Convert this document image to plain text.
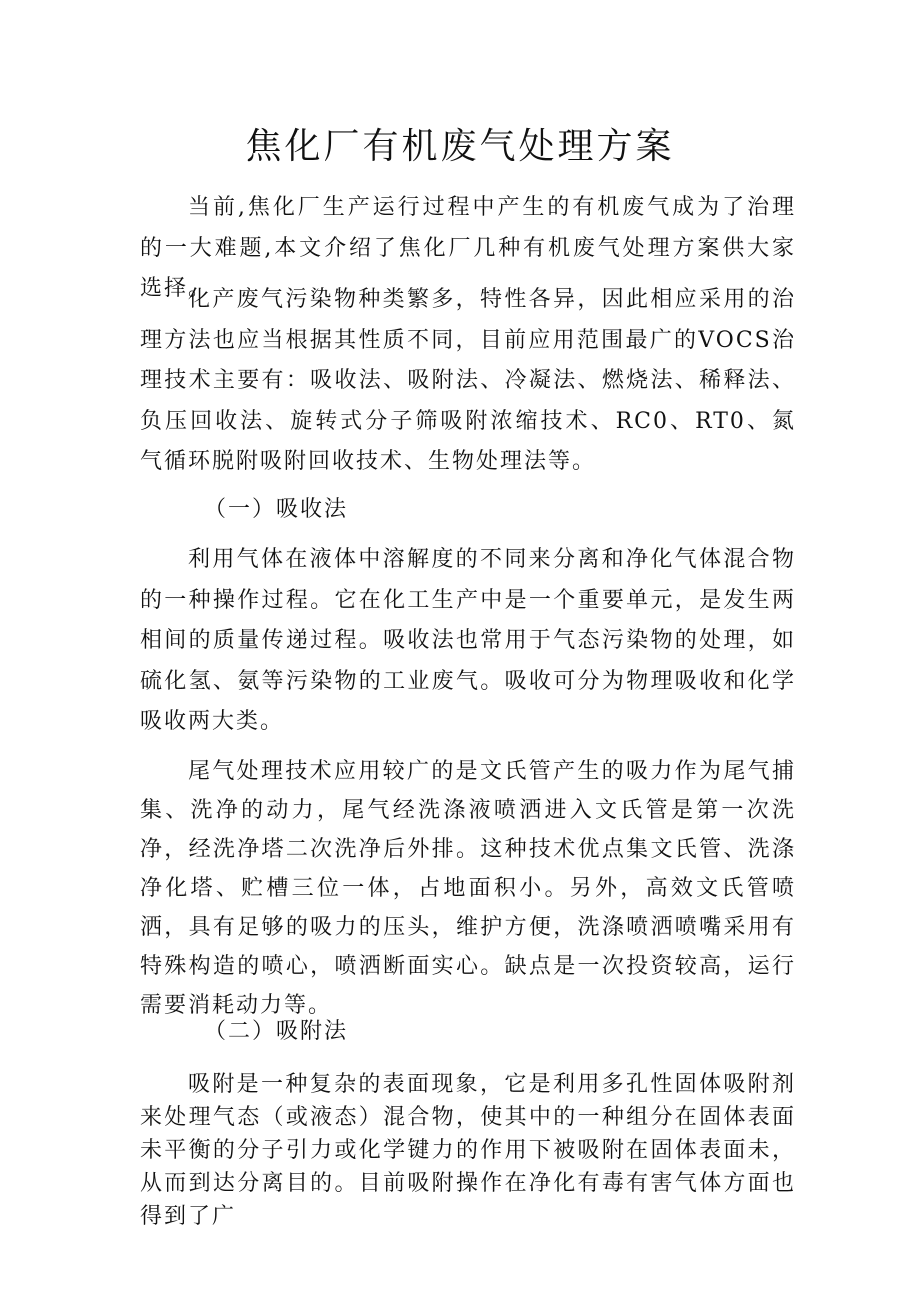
焦化厂有机废气处理方案

当前,焦化厂生产运行过程中产生的有机废气成为了治理的一大难题,本文介绍了焦化厂几种有机废气处理方案供大家选择。

化产废气污染物种类繁多，特性各异，因此相应采用的治理方法也应当根据其性质不同，目前应用范围最广的VOCS治理技术主要有：吸收法、吸附法、冷凝法、燃烧法、稀释法、负压回收法、旋转式分子筛吸附浓缩技术、RC0、RT0、氮气循环脱附吸附回收技术、生物处理法等。

（一）吸收法

利用气体在液体中溶解度的不同来分离和净化气体混合物的一种操作过程。它在化工生产中是一个重要单元，是发生两相间的质量传递过程。吸收法也常用于气态污染物的处理，如硫化氢、氨等污染物的工业废气。吸收可分为物理吸收和化学吸收两大类。

尾气处理技术应用较广的是文氏管产生的吸力作为尾气捕集、洗净的动力，尾气经洗涤液喷洒进入文氏管是第一次洗净，经洗净塔二次洗净后外排。这种技术优点集文氏管、洗涤净化塔、贮槽三位一体，占地面积小。另外，高效文氏管喷洒，具有足够的吸力的压头，维护方便，洗涤喷洒喷嘴采用有特殊构造的喷心，喷洒断面实心。缺点是一次投资较高，运行需要消耗动力等。

（二）吸附法

吸附是一种复杂的表面现象，它是利用多孔性固体吸附剂来处理气态（或液态）混合物，使其中的一种组分在固体表面未平衡的分子引力或化学键力的作用下被吸附在固体表面未，从而到达分离目的。目前吸附操作在净化有毒有害气体方面也得到了广
